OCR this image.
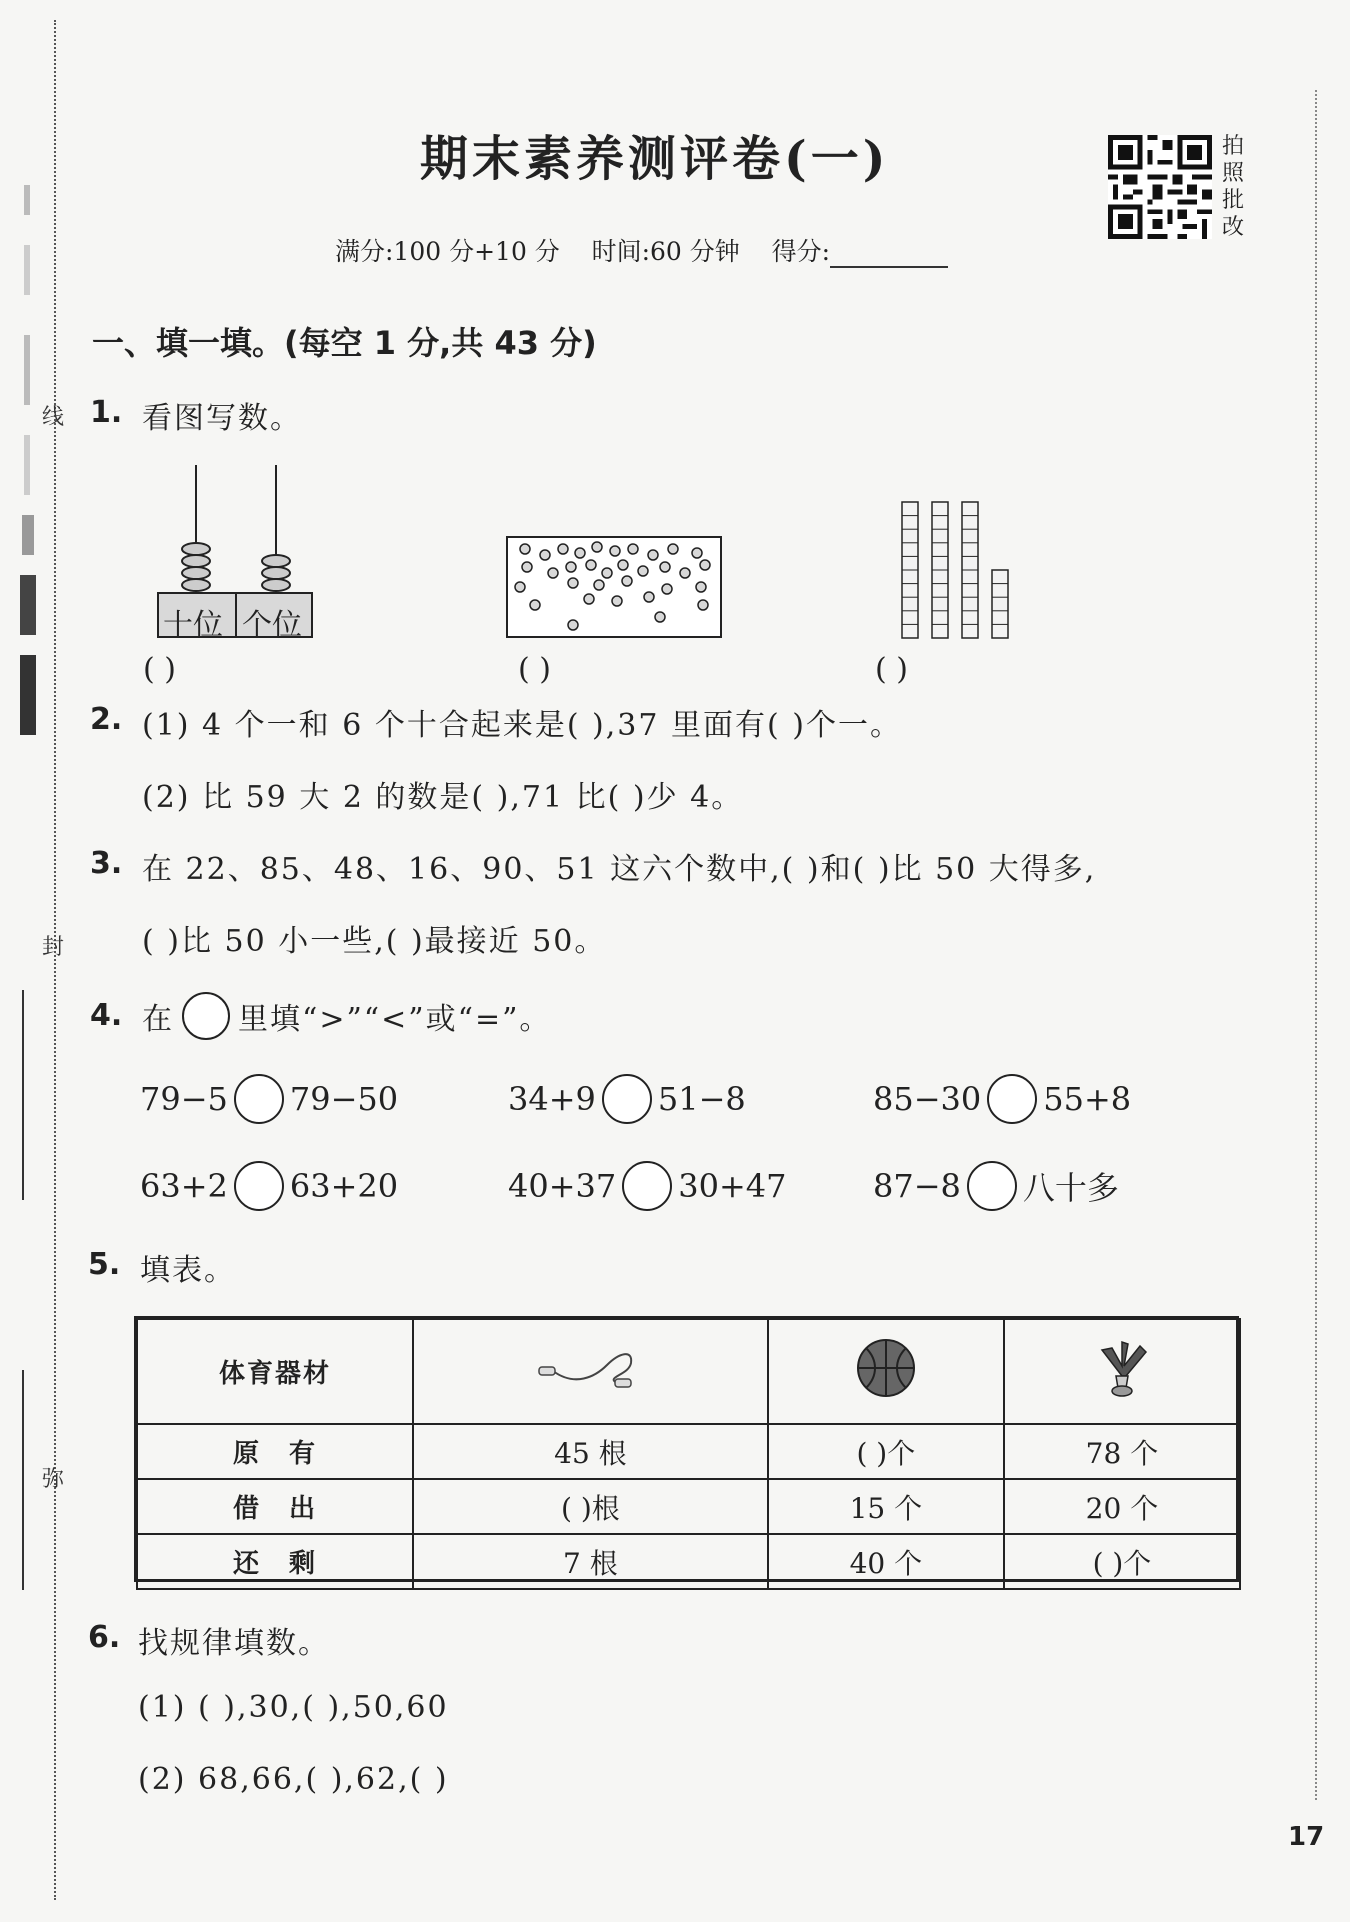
线
封
弥
期末素养测评卷(一)
满分:100 分+10 分 时间:60 分钟 得分:
拍
照
批
改
一、填一填。(每空 1 分,共 43 分)
1. 看图写数。
十位 个位
( )	( )	( )
2. (1) 4 个一和 6 个十合起来是( ),37 里面有( )个一。
(2) 比 59 大 2 的数是( ),71 比( )少 4。
3. 在 22、85、48、16、90、51 这六个数中,( )和( )比 50 大得多,
( )比 50 小一些,( )最接近 50。
4. 在 里填“>”“<”或“=”。
79−5 79−50	34+9 51−8	85−30 55+8
63+2 63+20	40+37 30+47	87−8 八十多
5. 填表。
体育器材			
原　有	45 根	( )个	78 个
借　出	( )根	15 个	20 个
还　剩	7 根	40 个	( )个
6. 找规律填数。
(1) ( ),30,( ),50,60
(2) 68,66,( ),62,( )
17
